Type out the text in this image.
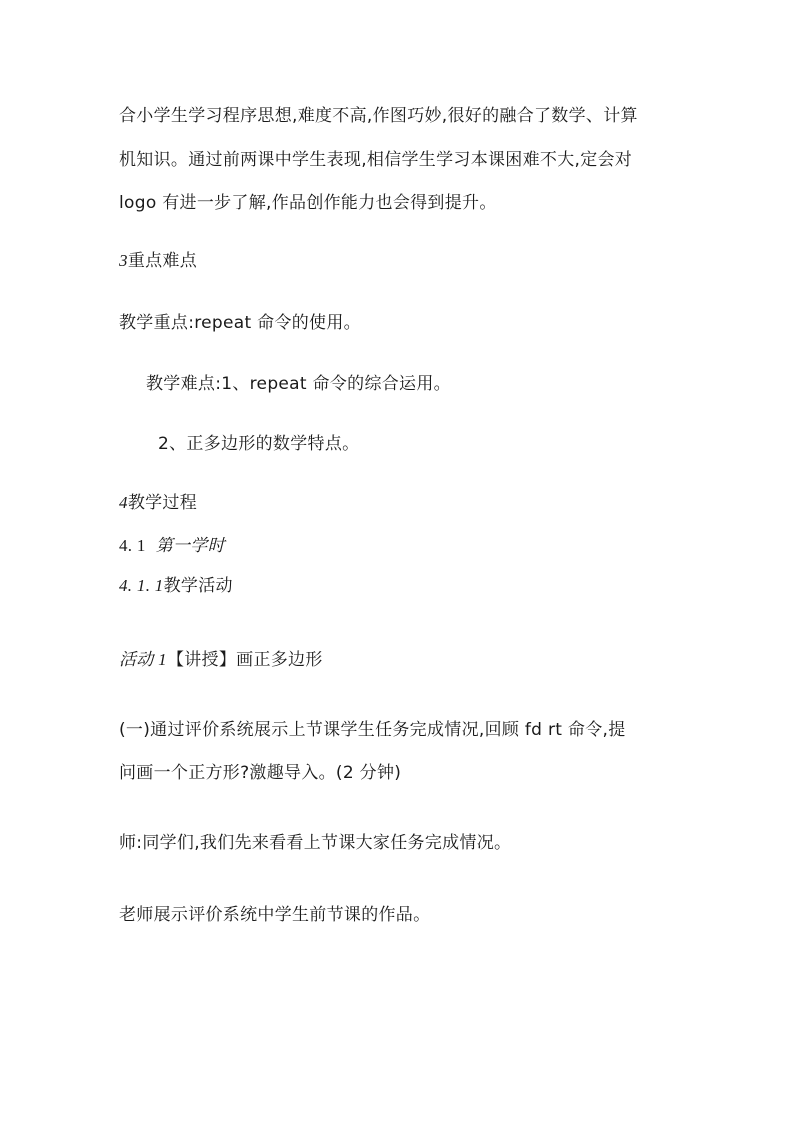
合小学生学习程序思想,难度不高,作图巧妙,很好的融合了数学、计算
机知识。通过前两课中学生表现,相信学生学习本课困难不大,定会对
logo 有进一步了解,作品创作能力也会得到提升。
3重点难点
教学重点:repeat 命令的使用。
教学难点:1、repeat 命令的综合运用。
2、正多边形的数学特点。
4教学过程
4. 1 第一学时
4. 1. 1教学活动
活动 1【讲授】画正多边形
(一)通过评价系统展示上节课学生任务完成情况,回顾 fd rt 命令,提
问画一个正方形?激趣导入。(2 分钟)
师:同学们,我们先来看看上节课大家任务完成情况。
老师展示评价系统中学生前节课的作品。
